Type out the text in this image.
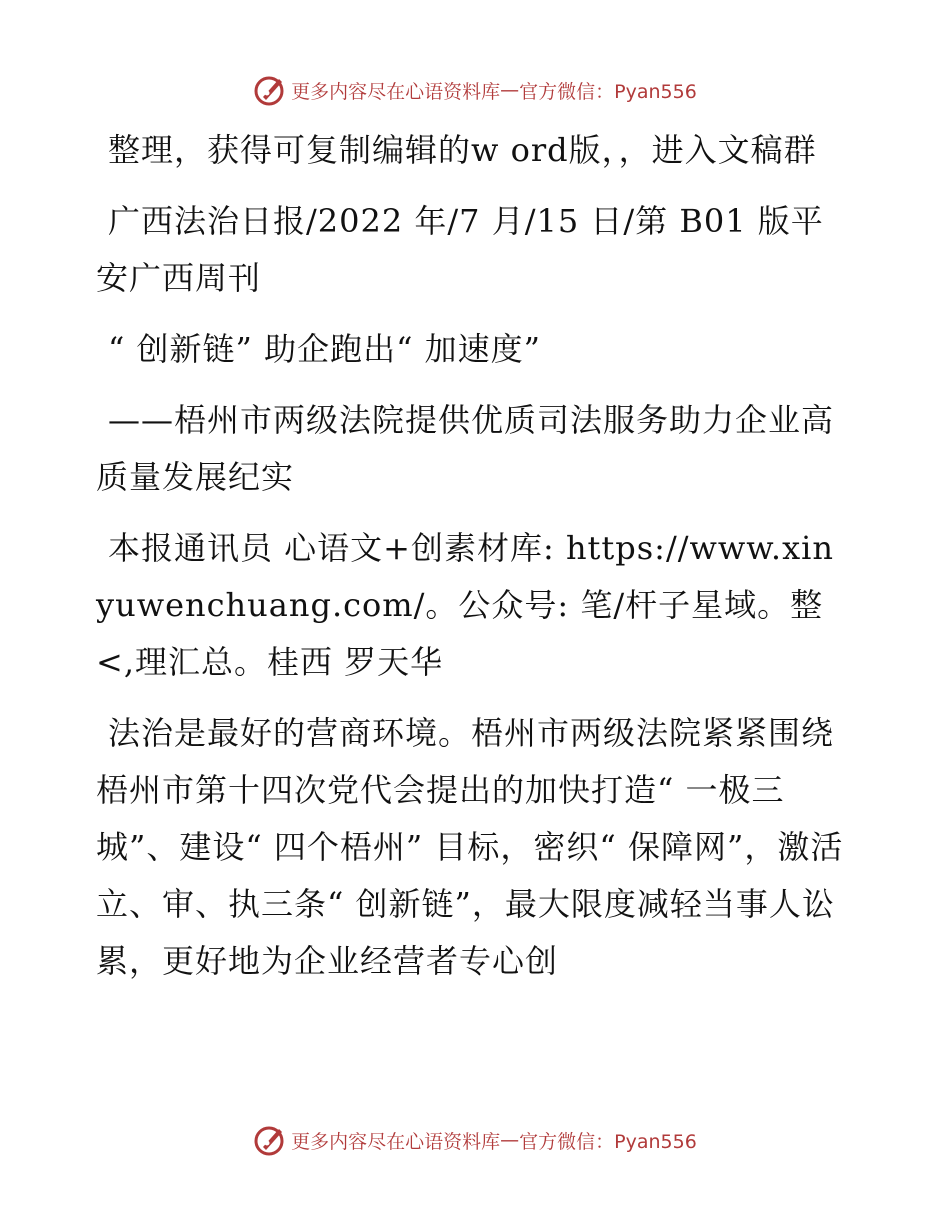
更多内容尽在心语资料库 — 官方微信：Pyan556

整理，获得可复制编辑的w ord版，，进入文稿群

广西法治日报/2022 年/7 月/15 日/第 B01 版平安广西周刊

“ 创新链” 助企跑出“ 加速度”

——梧州市两级法院提供优质司法服务助力企业高质量发展纪实

本报通讯员 心语文+创素材库: https://www.xinyuwenchuang.com/。公众号: 笔/杆子星域。整<,理汇总。桂西 罗天华

法治是最好的营商环境。梧州市两级法院紧紧围绕梧州市第十四次党代会提出的加快打造“ 一极三城”、建设“ 四个梧州” 目标，密织“ 保障网”，激活立、审、执三条“ 创新链”，最大限度减轻当事人讼累，更好地为企业经营者专心创

更多内容尽在心语资料库 — 官方微信：Pyan556
